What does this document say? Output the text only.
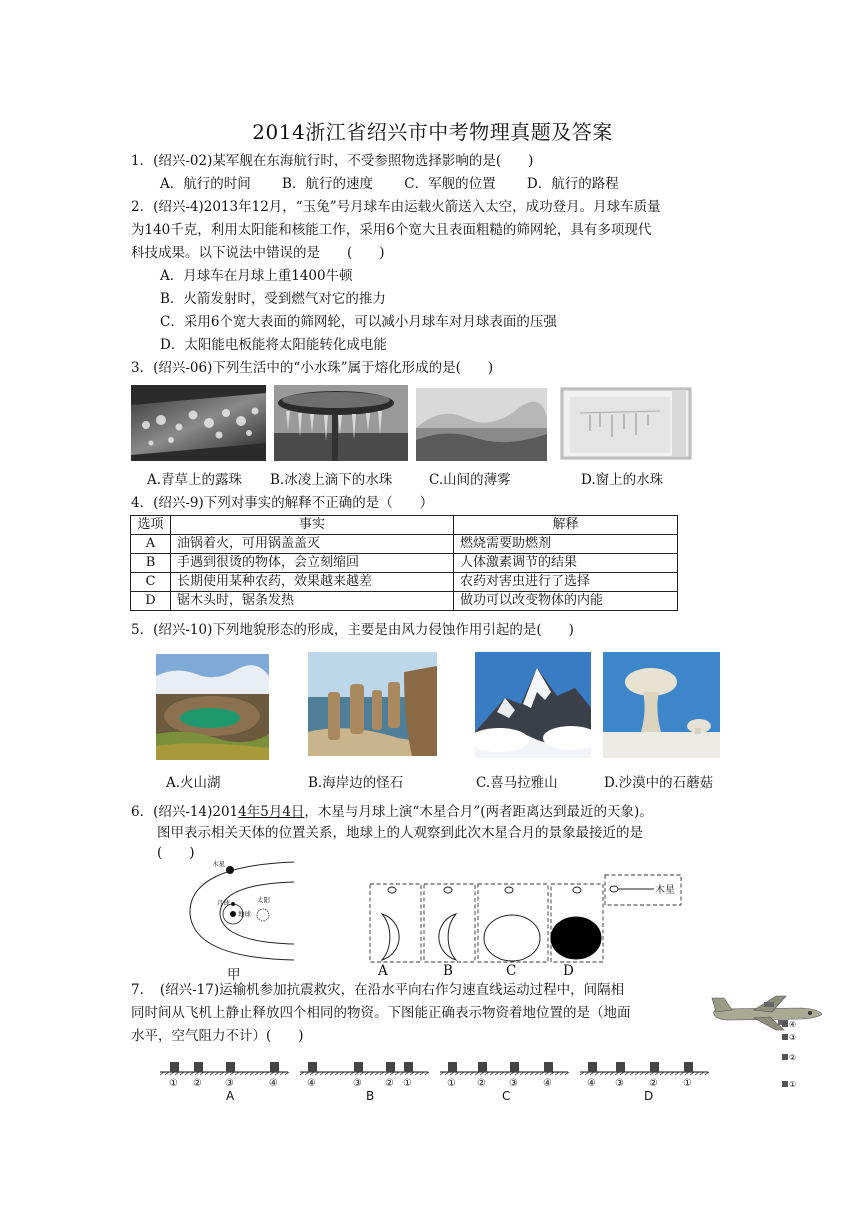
2014浙江省绍兴市中考物理真题及答案
1．(绍兴-02)某军舰在东海航行时，不受参照物选择影响的是(　　)
A．航行的时间　　 B．航行的速度　　 C．军舰的位置　　 D．航行的路程
2．(绍兴-4)2013年12月，“玉兔”号月球车由运载火箭送入太空，成功登月。月球车质量
为140千克，利用太阳能和核能工作，采用6个宽大且表面粗糙的筛网轮，具有多项现代
科技成果。以下说法中错误的是　　(　　)
A．月球车在月球上重1400牛顿
B．火箭发射时，受到燃气对它的推力
C．采用6个宽大表面的筛网轮，可以减小月球车对月球表面的压强
D．太阳能电板能将太阳能转化成电能
3．(绍兴-06)下列生活中的“小水珠”属于熔化形成的是(　　)
A.青草上的露珠 B.冰凌上滴下的水珠	C.山间的薄雾	D.窗上的水珠
4．(绍兴-9)下列对事实的解释不正确的是（　　）
选项	事实	解释
A	油锅着火，可用锅盖盖灭	燃烧需要助燃剂
B	手遇到很烫的物体，会立刻缩回	人体激素调节的结果
C	长期使用某种农药，效果越来越差	农药对害虫进行了选择
D	锯木头时，锯条发热	做功可以改变物体的内能
5．(绍兴-10)下列地貌形态的形成，主要是由风力侵蚀作用引起的是(　　)
A.火山湖	B.海岸边的怪石	C.喜马拉雅山	D.沙漠中的石蘑菇
6．(绍兴-14)2014年5月4日，木星与月球上演“木星合月”(两者距离达到最近的天象)。
图甲表示相关天体的位置关系，地球上的人观察到此次木星合月的景象最接近的是
(　　)
木星
月球
地球
太阳
甲
木星
A	B	C	D
7．　(绍兴-17)运输机参加抗震救灾，在沿水平向右作匀速直线运动过程中，间隔相
同时间从飞机上静止释放四个相同的物资。下图能正确表示物资着地位置的是（地面
水平，空气阻力不计）(　　)
④
③
②
①
① ② ③	④	④	③ ② ①	① ② ③	④	④ ③	②	①
A	B	C	D
